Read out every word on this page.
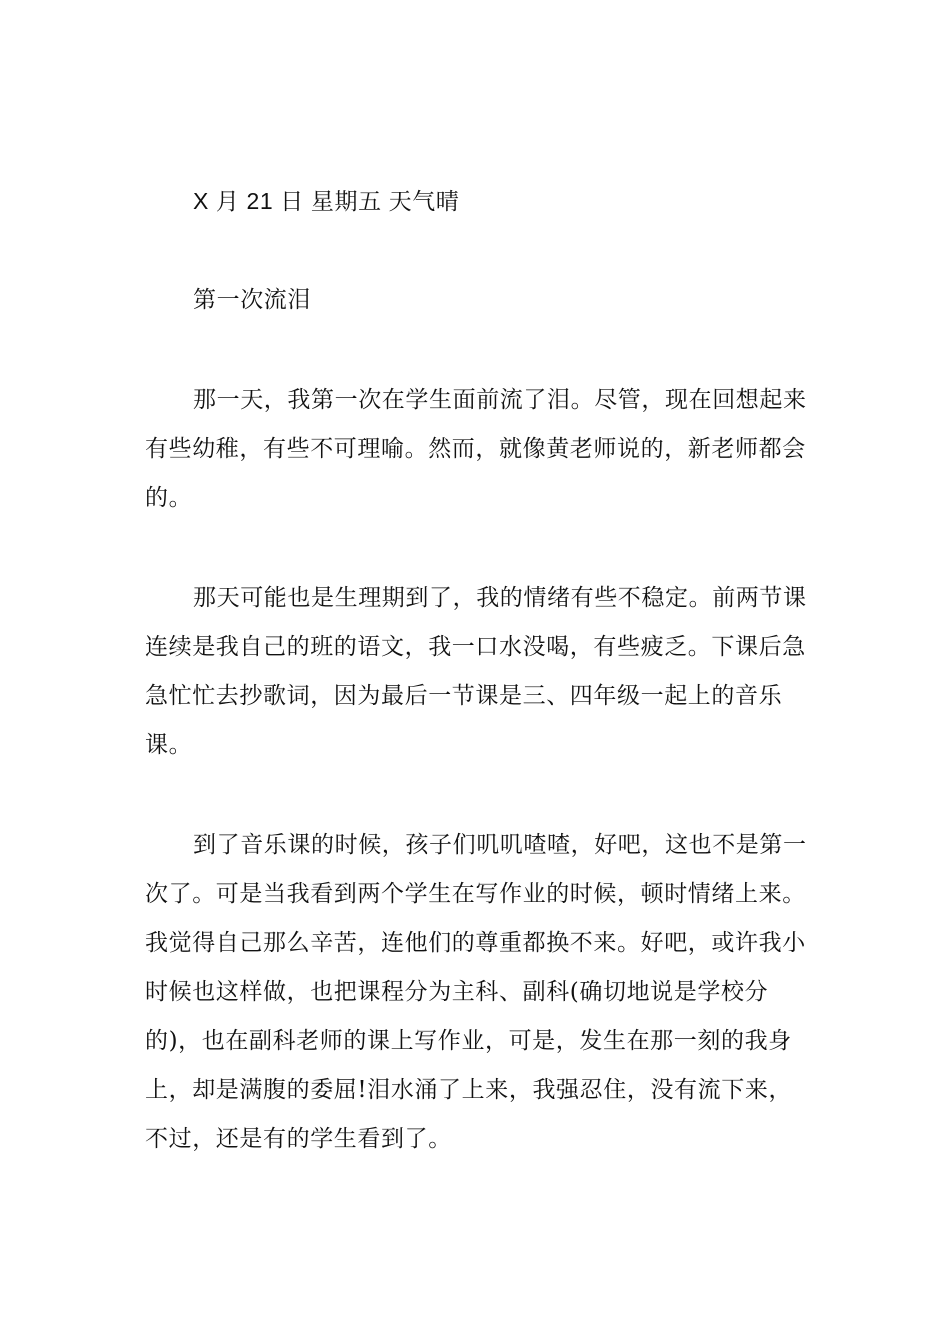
X 月 21 日 星期五 天气晴

第一次流泪

那一天，我第一次在学生面前流了泪。尽管，现在回想起来有些幼稚，有些不可理喻。然而，就像黄老师说的，新老师都会的。

那天可能也是生理期到了，我的情绪有些不稳定。前两节课连续是我自己的班的语文，我一口水没喝，有些疲乏。下课后急急忙忙去抄歌词，因为最后一节课是三、四年级一起上的音乐课。

到了音乐课的时候，孩子们叽叽喳喳，好吧，这也不是第一次了。可是当我看到两个学生在写作业的时候，顿时情绪上来。我觉得自己那么辛苦，连他们的尊重都换不来。好吧，或许我小时候也这样做，也把课程分为主科、副科(确切地说是学校分的)，也在副科老师的课上写作业，可是，发生在那一刻的我身上，却是满腹的委屈!泪水涌了上来，我强忍住，没有流下来，不过，还是有的学生看到了。
